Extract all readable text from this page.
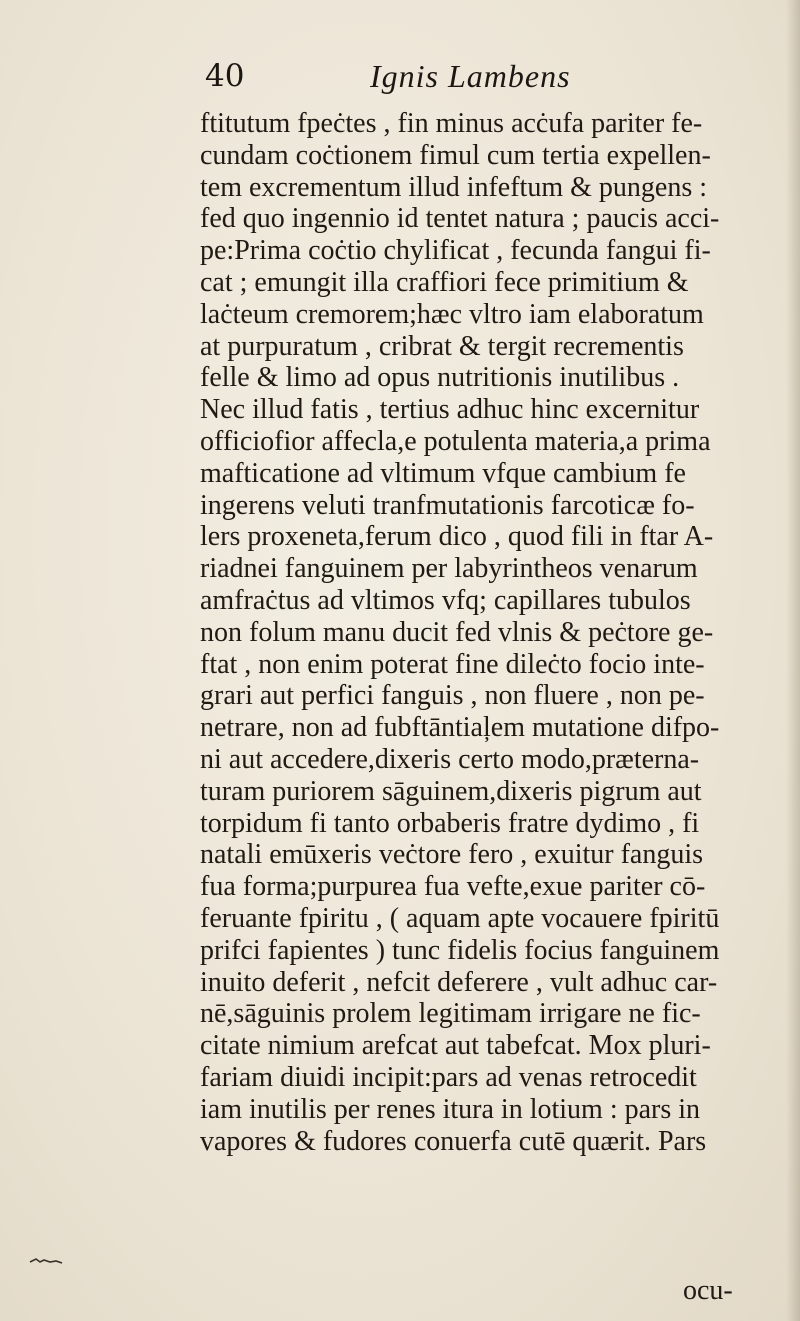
40	Ignis Lambens
ftitutum fpeċtes , fin minus acċufa pariter fe-
cundam coċtionem fimul cum tertia expellen-
tem excrementum illud infeftum & pungens :
fed quo ingennio id tentet natura ; paucis acci-
pe:Prima coċtio chylificat , fecunda fangui fi-
cat ; emungit illa craffiori fece primitium &
laċteum cremorem;hæc vltro iam elaboratum
at purpuratum , cribrat & tergit recrementis
felle & limo ad opus nutritionis inutilibus .
Nec illud fatis , tertius adhuc hinc excernitur
officiofior affecla,e potulenta materia,a prima
mafticatione ad vltimum vfque cambium fe
ingerens veluti tranfmutationis farcoticæ fo-
lers proxeneta,ferum dico , quod fili in ftar A-
riadnei fanguinem per labyrintheos venarum
amfraċtus ad vltimos vfq; capillares tubulos
non folum manu ducit fed vlnis & peċtore ge-
ftat , non enim poterat fine dileċto focio inte-
grari aut perfici fanguis , non fluere , non pe-
netrare, non ad fubftāntiaļem mutatione difpo-
ni aut accedere,dixeris certo modo,præterna-
turam puriorem sāguinem,dixeris pigrum aut
torpidum fi tanto orbaberis fratre dydimo , fi
natali emūxeris veċtore fero , exuitur fanguis
fua forma;purpurea fua vefte,exue pariter cō-
feruante fpiritu , ( aquam apte vocauere fpiritū
prifci fapientes ) tunc fidelis focius fanguinem
inuito deferit , nefcit deferere , vult adhuc car-
nē,sāguinis prolem legitimam irrigare ne fic-
citate nimium arefcat aut tabefcat. Mox pluri-
fariam diuidi incipit:pars ad venas retrocedit
iam inutilis per renes itura in lotium : pars in
vapores & fudores conuerfa cutē quærit. Pars
ocu-
